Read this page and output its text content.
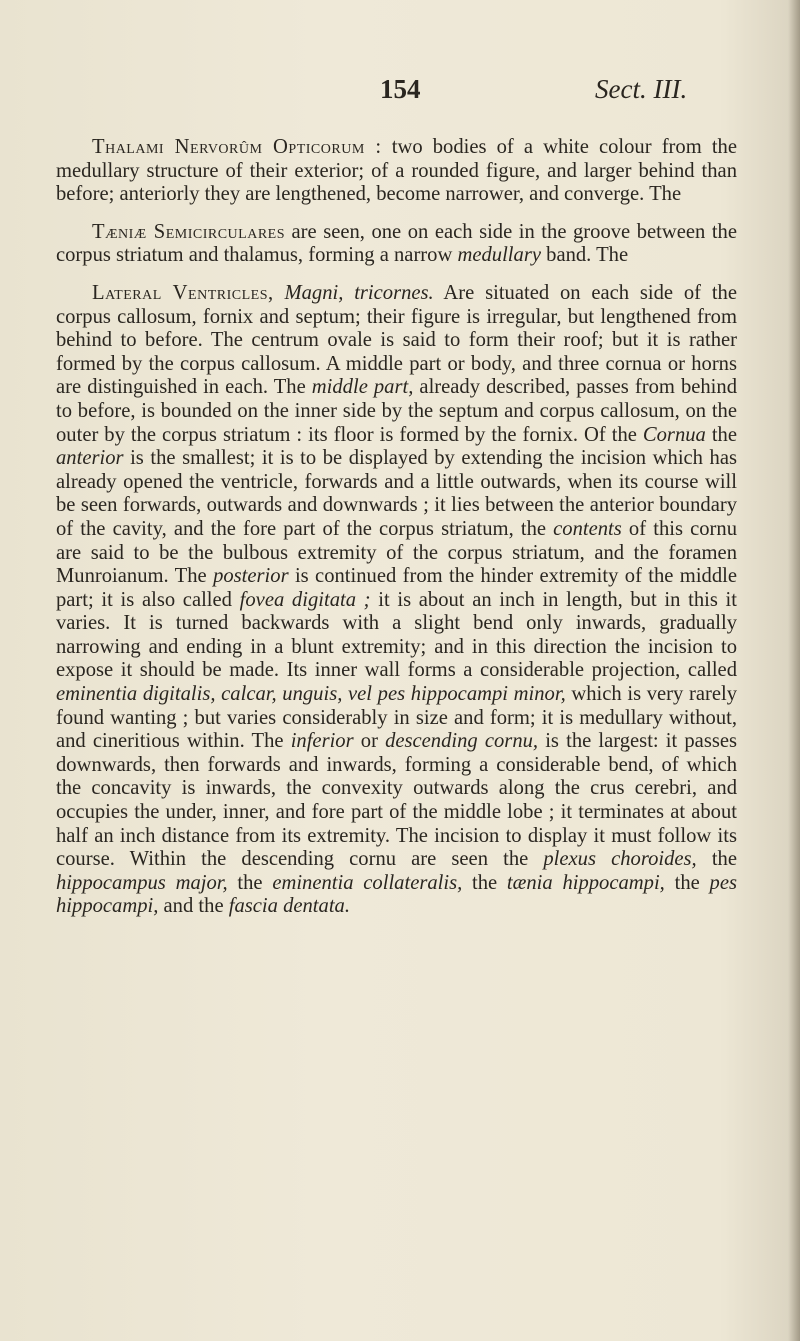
154	Sect. III.

Thalami Nervorûm Opticorum : two bodies of a white colour from the medullary structure of their exterior; of a rounded figure, and larger behind than before; anteriorly they are lengthened, become narrower, and converge. The

Tæniæ Semicirculares are seen, one on each side in the groove between the corpus striatum and thalamus, forming a narrow medullary band. The

Lateral Ventricles, Magni, tricornes. Are situated on each side of the corpus callosum, fornix and septum; their figure is irregular, but lengthened from behind to before. The centrum ovale is said to form their roof; but it is rather formed by the corpus callosum. A middle part or body, and three cornua or horns are distinguished in each. The middle part, already described, passes from behind to before, is bounded on the inner side by the septum and corpus callosum, on the outer by the corpus striatum : its floor is formed by the fornix. Of the Cornua the anterior is the smallest; it is to be displayed by extending the incision which has already opened the ventricle, forwards and a little outwards, when its course will be seen forwards, outwards and downwards ; it lies between the anterior boundary of the cavity, and the fore part of the corpus striatum, the contents of this cornu are said to be the bulbous extremity of the corpus striatum, and the foramen Munroianum. The posterior is continued from the hinder extremity of the middle part; it is also called fovea digitata ; it is about an inch in length, but in this it varies. It is turned backwards with a slight bend only inwards, gradually narrowing and ending in a blunt extremity; and in this direction the incision to expose it should be made. Its inner wall forms a considerable projection, called eminentia digitalis, calcar, unguis, vel pes hippocampi minor, which is very rarely found wanting ; but varies considerably in size and form; it is medullary without, and cineritious within. The inferior or descending cornu, is the largest: it passes downwards, then forwards and inwards, forming a considerable bend, of which the concavity is inwards, the convexity outwards along the crus cerebri, and occupies the under, inner, and fore part of the middle lobe ; it terminates at about half an inch distance from its extremity. The incision to display it must follow its course. Within the descending cornu are seen the plexus choroides, the hippocampus major, the eminentia collateralis, the tænia hippocampi, the pes hippocampi, and the fascia dentata.
